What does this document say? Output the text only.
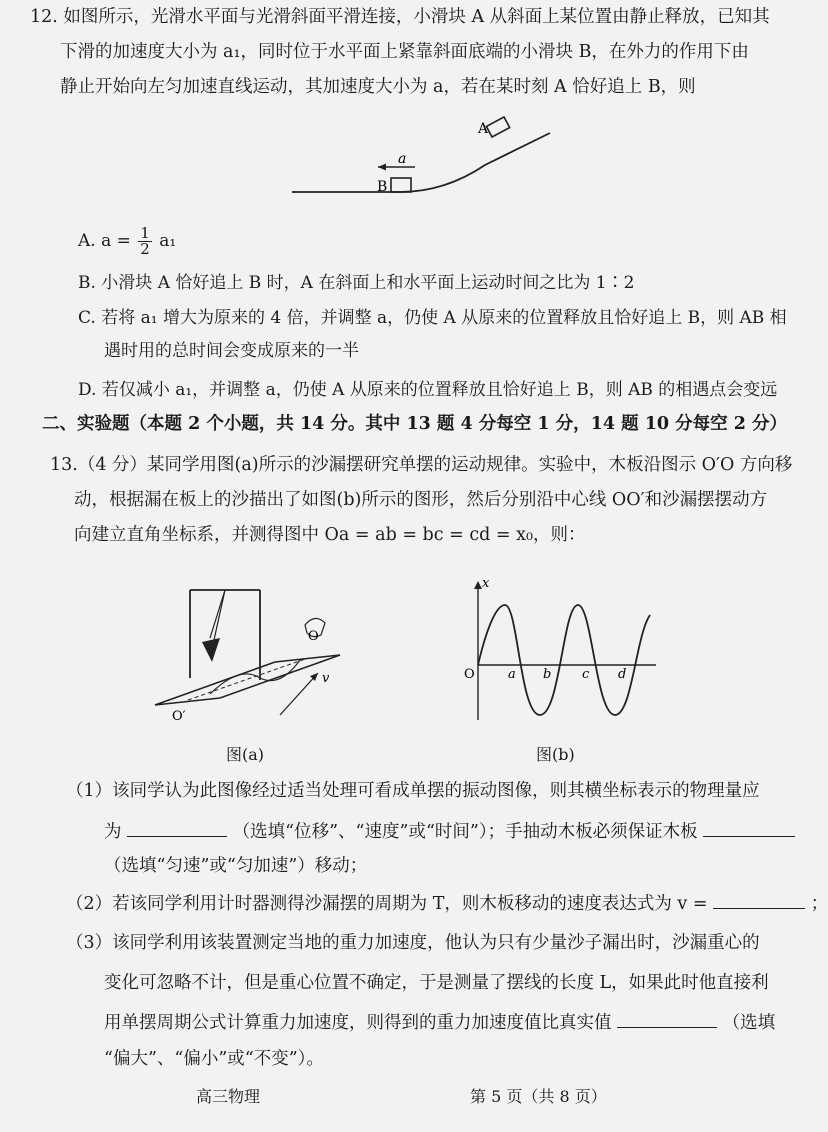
12. 如图所示，光滑水平面与光滑斜面平滑连接，小滑块 A 从斜面上某位置由静止释放，已知其
下滑的加速度大小为 a₁，同时位于水平面上紧靠斜面底端的小滑块 B，在外力的作用下由
静止开始向左匀加速直线运动，其加速度大小为 a，若在某时刻 A 恰好追上 B，则
a
B
A
A. $a = \frac{1}{2} a_1$
B. 小滑块 A 恰好追上 B 时，A 在斜面上和水平面上运动时间之比为 1∶2
C. 若将 a₁ 增大为原来的 4 倍，并调整 a，仍使 A 从原来的位置释放且恰好追上 B，则 AB 相
遇时用的总时间会变成原来的一半
D. 若仅减小 a₁，并调整 a，仍使 A 从原来的位置释放且恰好追上 B，则 AB 的相遇点会变远
二、实验题（本题 2 个小题，共 14 分。其中 13 题 4 分每空 1 分，14 题 10 分每空 2 分）
13.（4 分）某同学用图(a)所示的沙漏摆研究单摆的运动规律。实验中，木板沿图示 O′O 方向移
动，根据漏在板上的沙描出了如图(b)所示的图形，然后分别沿中心线 OO′和沙漏摆摆动方
向建立直角坐标系，并测得图中 Oa = ab = bc = cd = x₀，则：
O
O′
v
x
O	a b c d
图(a)	图(b)
（1）该同学认为此图像经过适当处理可看成单摆的振动图像，则其横坐标表示的物理量应
为	（选填“位移”、“速度”或“时间”）；手抽动木板必须保证木板
（选填“匀速”或“匀加速”）移动；
（2）若该同学利用计时器测得沙漏摆的周期为 T，则木板移动的速度表达式为 v =	；
（3）该同学利用该装置测定当地的重力加速度，他认为只有少量沙子漏出时，沙漏重心的
变化可忽略不计，但是重心位置不确定，于是测量了摆线的长度 L，如果此时他直接利
用单摆周期公式计算重力加速度，则得到的重力加速度值比真实值	（选填
“偏大”、“偏小”或“不变”）。
高三物理	第 5 页（共 8 页）
